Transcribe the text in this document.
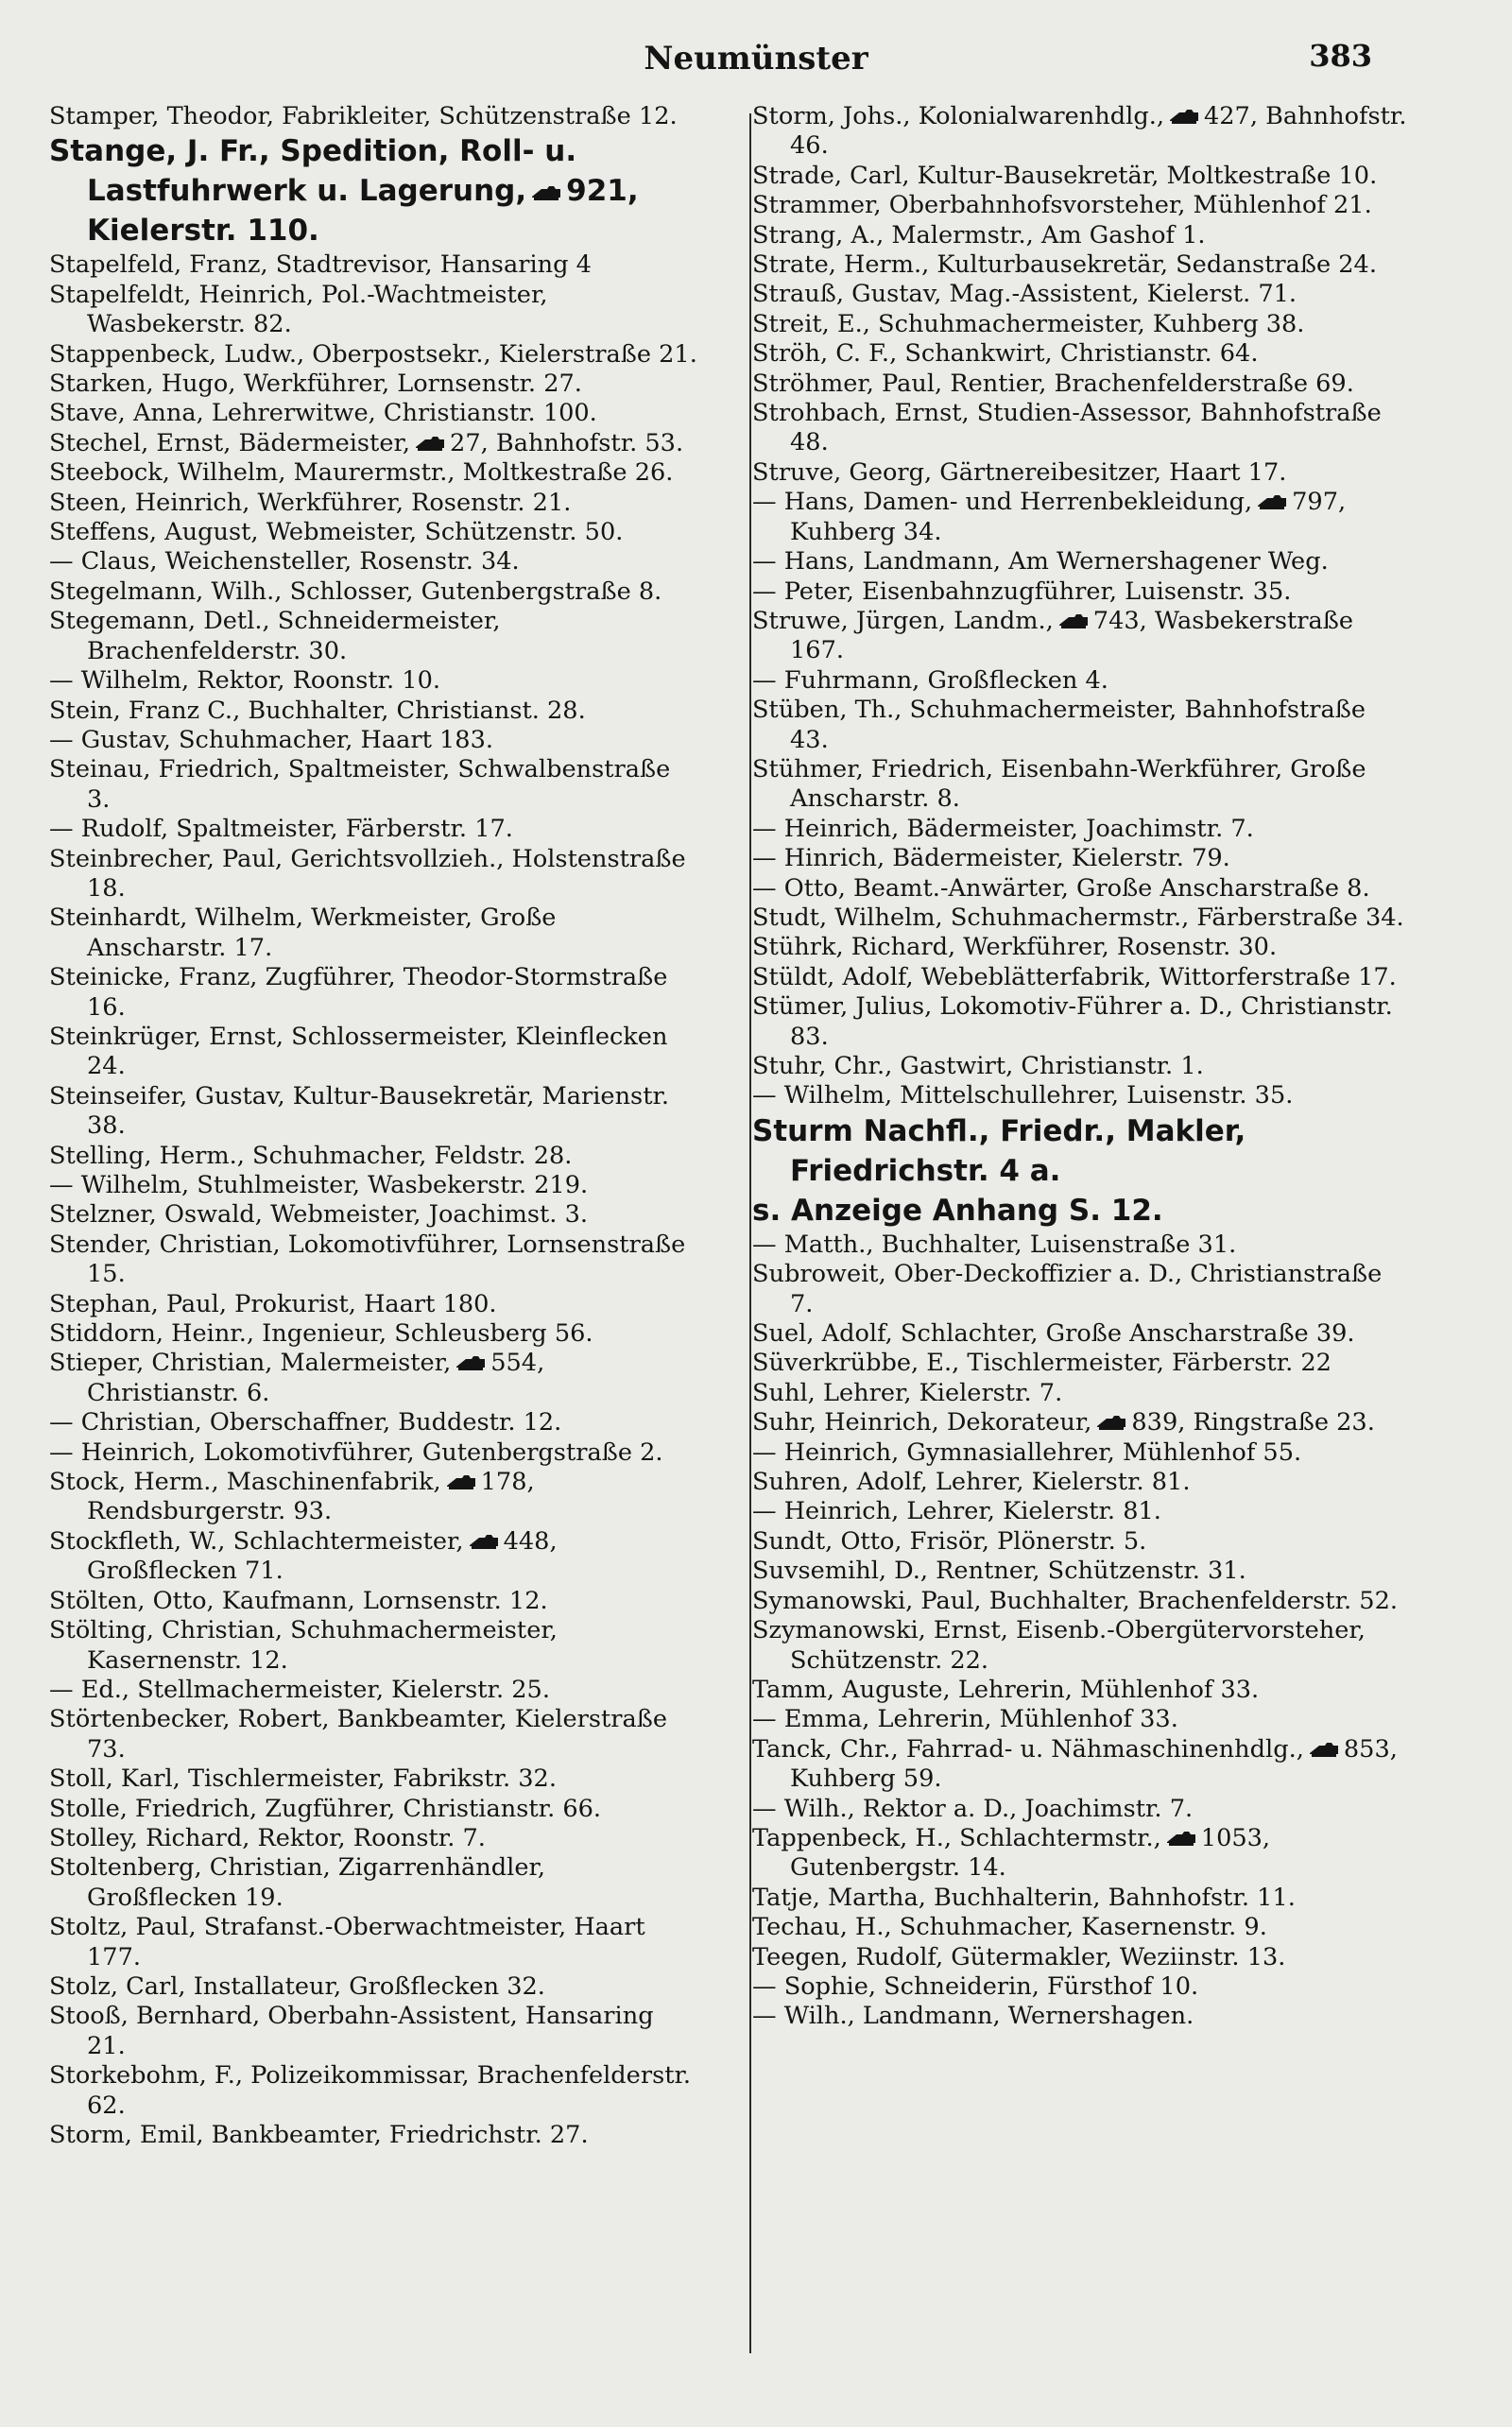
Neumünster	383
Stamper, Theodor, Fabrikleiter, Schützenstraße 12.
Stange, J. Fr., Spedition, Roll- u. Lastfuhrwerk u. Lagerung, 921, Kielerstr. 110.
Stapelfeld, Franz, Stadtrevisor, Hansaring 4
Stapelfeldt, Heinrich, Pol.-Wachtmeister, Wasbekerstr. 82.
Stappenbeck, Ludw., Oberpostsekr., Kielerstraße 21.
Starken, Hugo, Werkführer, Lornsenstr. 27.
Stave, Anna, Lehrerwitwe, Christianstr. 100.
Stechel, Ernst, Bädermeister, 27, Bahnhofstr. 53.
Steebock, Wilhelm, Maurermstr., Moltkestraße 26.
Steen, Heinrich, Werkführer, Rosenstr. 21.
Steffens, August, Webmeister, Schützenstr. 50.
— Claus, Weichensteller, Rosenstr. 34.
Stegelmann, Wilh., Schlosser, Gutenbergstraße 8.
Stegemann, Detl., Schneidermeister, Brachenfelderstr. 30.
— Wilhelm, Rektor, Roonstr. 10.
Stein, Franz C., Buchhalter, Christianst. 28.
— Gustav, Schuhmacher, Haart 183.
Steinau, Friedrich, Spaltmeister, Schwalbenstraße 3.
— Rudolf, Spaltmeister, Färberstr. 17.
Steinbrecher, Paul, Gerichtsvollzieh., Holstenstraße 18.
Steinhardt, Wilhelm, Werkmeister, Große Anscharstr. 17.
Steinicke, Franz, Zugführer, Theodor-Stormstraße 16.
Steinkrüger, Ernst, Schlossermeister, Kleinflecken 24.
Steinseifer, Gustav, Kultur-Bausekretär, Marienstr. 38.
Stelling, Herm., Schuhmacher, Feldstr. 28.
— Wilhelm, Stuhlmeister, Wasbekerstr. 219.
Stelzner, Oswald, Webmeister, Joachimst. 3.
Stender, Christian, Lokomotivführer, Lornsenstraße 15.
Stephan, Paul, Prokurist, Haart 180.
Stiddorn, Heinr., Ingenieur, Schleusberg 56.
Stieper, Christian, Malermeister, 554, Christianstr. 6.
— Christian, Oberschaffner, Buddestr. 12.
— Heinrich, Lokomotivführer, Gutenbergstraße 2.
Stock, Herm., Maschinenfabrik, 178, Rendsburgerstr. 93.
Stockfleth, W., Schlachtermeister, 448, Großflecken 71.
Stölten, Otto, Kaufmann, Lornsenstr. 12.
Stölting, Christian, Schuhmachermeister, Kasernenstr. 12.
— Ed., Stellmachermeister, Kielerstr. 25.
Störtenbecker, Robert, Bankbeamter, Kielerstraße 73.
Stoll, Karl, Tischlermeister, Fabrikstr. 32.
Stolle, Friedrich, Zugführer, Christianstr. 66.
Stolley, Richard, Rektor, Roonstr. 7.
Stoltenberg, Christian, Zigarrenhändler, Großflecken 19.
Stoltz, Paul, Strafanst.-Oberwachtmeister, Haart 177.
Stolz, Carl, Installateur, Großflecken 32.
Stooß, Bernhard, Oberbahn-Assistent, Hansaring 21.
Storkebohm, F., Polizeikommissar, Brachenfelderstr. 62.
Storm, Emil, Bankbeamter, Friedrichstr. 27.
Storm, Johs., Kolonialwarenhdlg., 427, Bahnhofstr. 46.
Strade, Carl, Kultur-Bausekretär, Moltkestraße 10.
Strammer, Oberbahnhofsvorsteher, Mühlenhof 21.
Strang, A., Malermstr., Am Gashof 1.
Strate, Herm., Kulturbausekretär, Sedanstraße 24.
Strauß, Gustav, Mag.-Assistent, Kielerst. 71.
Streit, E., Schuhmachermeister, Kuhberg 38.
Ströh, C. F., Schankwirt, Christianstr. 64.
Ströhmer, Paul, Rentier, Brachenfelderstraße 69.
Strohbach, Ernst, Studien-Assessor, Bahnhofstraße 48.
Struve, Georg, Gärtnereibesitzer, Haart 17.
— Hans, Damen- und Herrenbekleidung, 797, Kuhberg 34.
— Hans, Landmann, Am Wernershagener Weg.
— Peter, Eisenbahnzugführer, Luisenstr. 35.
Struwe, Jürgen, Landm., 743, Wasbekerstraße 167.
— Fuhrmann, Großflecken 4.
Stüben, Th., Schuhmachermeister, Bahnhofstraße 43.
Stühmer, Friedrich, Eisenbahn-Werkführer, Große Anscharstr. 8.
— Heinrich, Bädermeister, Joachimstr. 7.
— Hinrich, Bädermeister, Kielerstr. 79.
— Otto, Beamt.-Anwärter, Große Anscharstraße 8.
Studt, Wilhelm, Schuhmachermstr., Färberstraße 34.
Stührk, Richard, Werkführer, Rosenstr. 30.
Stüldt, Adolf, Webeblätterfabrik, Wittorferstraße 17.
Stümer, Julius, Lokomotiv-Führer a. D., Christianstr. 83.
Stuhr, Chr., Gastwirt, Christianstr. 1.
— Wilhelm, Mittelschullehrer, Luisenstr. 35.
Sturm Nachfl., Friedr., Makler, Friedrichstr. 4 a.
s. Anzeige Anhang S. 12.
— Matth., Buchhalter, Luisenstraße 31.
Subroweit, Ober-Deckoffizier a. D., Christianstraße 7.
Suel, Adolf, Schlachter, Große Anscharstraße 39.
Süverkrübbe, E., Tischlermeister, Färberstr. 22
Suhl, Lehrer, Kielerstr. 7.
Suhr, Heinrich, Dekorateur, 839, Ringstraße 23.
— Heinrich, Gymnasiallehrer, Mühlenhof 55.
Suhren, Adolf, Lehrer, Kielerstr. 81.
— Heinrich, Lehrer, Kielerstr. 81.
Sundt, Otto, Frisör, Plönerstr. 5.
Suvsemihl, D., Rentner, Schützenstr. 31.
Symanowski, Paul, Buchhalter, Brachenfelderstr. 52.
Szymanowski, Ernst, Eisenb.-Obergütervorsteher, Schützenstr. 22.
Tamm, Auguste, Lehrerin, Mühlenhof 33.
— Emma, Lehrerin, Mühlenhof 33.
Tanck, Chr., Fahrrad- u. Nähmaschinenhdlg., 853, Kuhberg 59.
— Wilh., Rektor a. D., Joachimstr. 7.
Tappenbeck, H., Schlachtermstr., 1053, Gutenbergstr. 14.
Tatje, Martha, Buchhalterin, Bahnhofstr. 11.
Techau, H., Schuhmacher, Kasernenstr. 9.
Teegen, Rudolf, Gütermakler, Weziinstr. 13.
— Sophie, Schneiderin, Fürsthof 10.
— Wilh., Landmann, Wernershagen.
